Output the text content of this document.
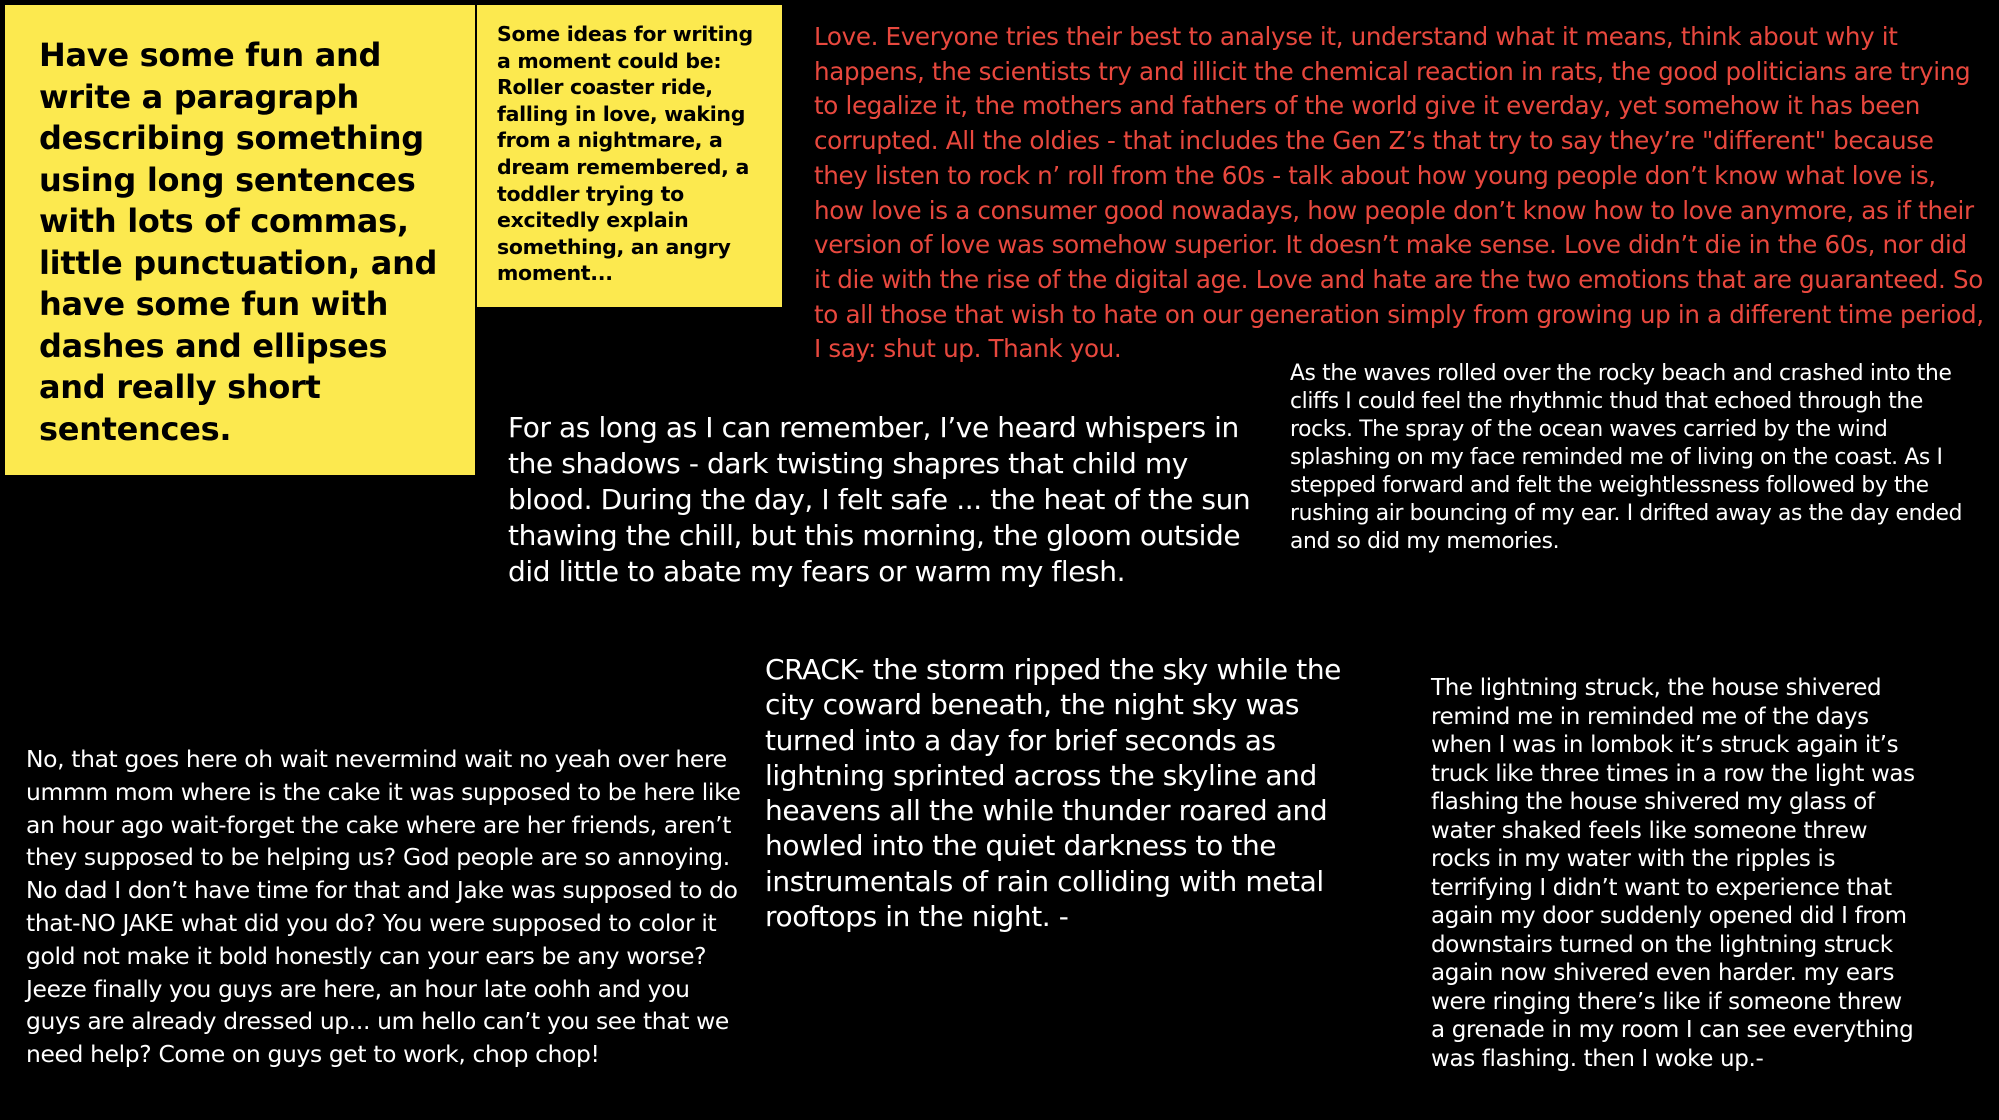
Have some fun and write a paragraph describing something using long sentences with lots of commas, little punctuation, and have some fun with dashes and ellipses and really short sentences.
Some ideas for writing a moment could be: Roller coaster ride, falling in love, waking from a nightmare, a dream remembered, a toddler trying to excitedly explain something, an angry moment...
Love. Everyone tries their best to analyse it, understand what it means, think about why it happens, the scientists try and illicit the chemical reaction in rats, the good politicians are trying to legalize it, the mothers and fathers of the world give it everday, yet somehow it has been corrupted. All the oldies - that includes the Gen Z’s that try to say they’re "different" because they listen to rock n’ roll from the 60s - talk about how young people don’t know what love is, how love is a consumer good nowadays, how people don’t know how to love anymore, as if their version of love was somehow superior. It doesn’t make sense. Love didn’t die in the 60s, nor did it die with the rise of the digital age. Love and hate are the two emotions that are guaranteed. So to all those that wish to hate on our generation simply from growing up in a different time period, I say: shut up. Thank you.
For as long as I can remember, I’ve heard whispers in the shadows - dark twisting shapres that child my blood. During the day, I felt safe ... the heat of the sun thawing the chill, but this morning, the gloom outside did little to abate my fears or warm my flesh.
As the waves rolled over the rocky beach and crashed into the cliffs I could feel the rhythmic thud that echoed through the rocks. The spray of the ocean waves carried by the wind splashing on my face reminded me of living on the coast. As I stepped forward and felt the weightlessness followed by the rushing air bouncing of my ear. I drifted away as the day ended and so did my memories.
CRACK- the storm ripped the sky while the city coward beneath, the night sky was turned into a day for brief seconds as lightning sprinted across the skyline and heavens all the while thunder roared and howled into the quiet darkness to the instrumentals of rain colliding with metal rooftops in the night. -
No, that goes here oh wait nevermind wait no yeah over here ummm mom where is the cake it was supposed to be here like an hour ago wait-forget the cake where are her friends, aren’t they supposed to be helping us? God people are so annoying. No dad I don’t have time for that and Jake was supposed to do that-NO JAKE what did you do? You were supposed to color it gold not make it bold honestly can your ears be any worse? Jeeze finally you guys are here, an hour late oohh and you guys are already dressed up... um hello can’t you see that we need help? Come on guys get to work, chop chop!
The lightning struck, the house shivered remind me in reminded me of the days when I was in lombok it’s struck again it’s truck like three times in a row the light was flashing the house shivered my glass of water shaked feels like someone threw rocks in my water with the ripples is terrifying I didn’t want to experience that again my door suddenly opened did I from downstairs turned on the lightning struck again now shivered even harder. my ears were ringing there’s like if someone threw a grenade in my room I can see everything was flashing. then I woke up.-
